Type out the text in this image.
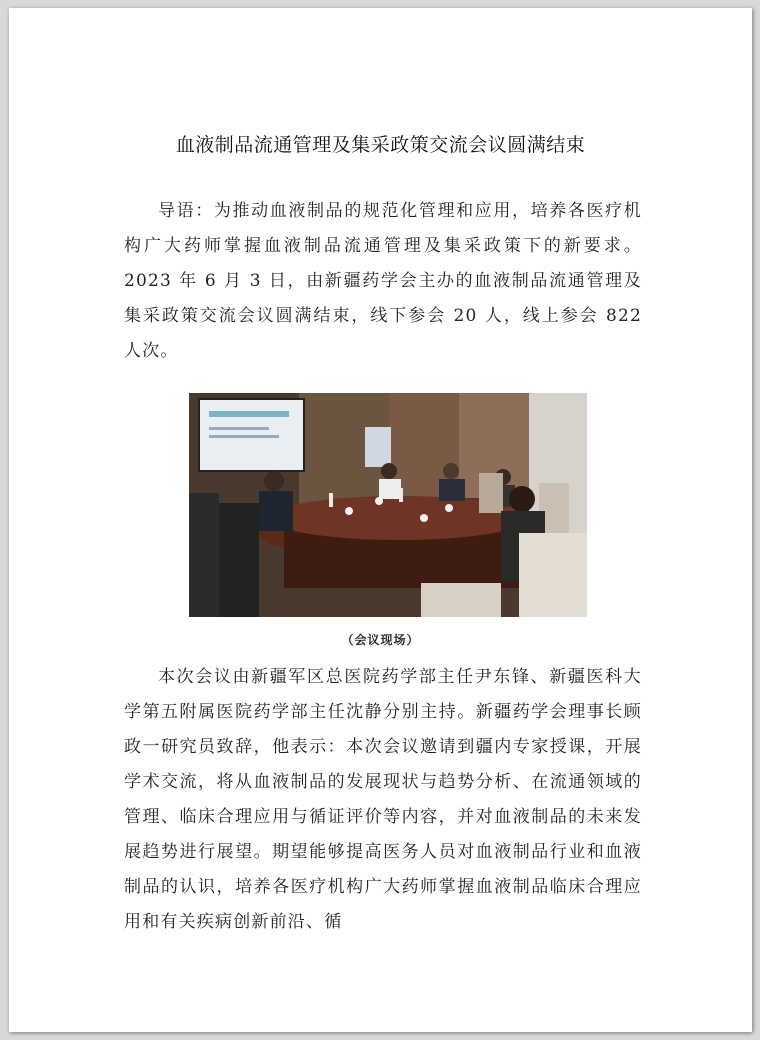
血液制品流通管理及集采政策交流会议圆满结束

导语：为推动血液制品的规范化管理和应用，培养各医疗机构广大药师掌握血液制品流通管理及集采政策下的新要求。2023 年 6 月 3 日，由新疆药学会主办的血液制品流通管理及集采政策交流会议圆满结束，线下参会 20 人，线上参会 822 人次。

（会议现场）

本次会议由新疆军区总医院药学部主任尹东锋、新疆医科大学第五附属医院药学部主任沈静分别主持。新疆药学会理事长顾政一研究员致辞，他表示：本次会议邀请到疆内专家授课，开展学术交流，将从血液制品的发展现状与趋势分析、在流通领域的管理、临床合理应用与循证评价等内容，并对血液制品的未来发展趋势进行展望。期望能够提高医务人员对血液制品行业和血液制品的认识，培养各医疗机构广大药师掌握血液制品临床合理应用和有关疾病创新前沿、循
